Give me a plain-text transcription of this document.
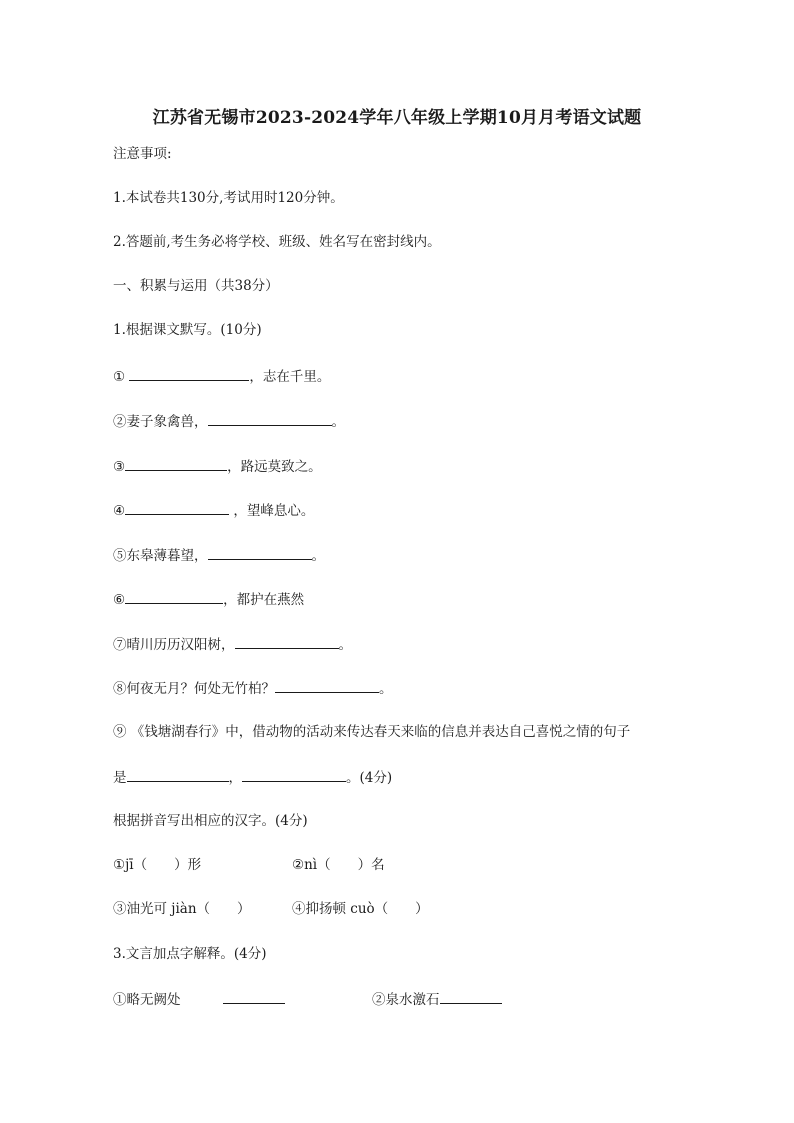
江苏省无锡市2023-2024学年八年级上学期10月月考语文试题
注意事项:
1.本试卷共130分,考试用时120分钟。
2.答题前,考生务必将学校、班级、姓名写在密封线内。
一、积累与运用（共38分）
1.根据课文默写。(10分)
①	，志在千里。
②妻子象禽兽，	。
③	，路远莫致之。
④	，望峰息心。
⑤东皋薄暮望，	。
⑥	，都护在燕然
⑦晴川历历汉阳树，	。
⑧何夜无月？何处无竹柏？	。
⑨ 《钱塘湖春行》中，借动物的活动来传达春天来临的信息并表达自己喜悦之情的句子
是	，	。(4分)
根据拼音写出相应的汉字。(4分)
①jī（　　）形	②nì（　　）名
③油光可 jiàn（　　）	④抑扬顿 cuò（　　）
3.文言加点字解释。(4分)
①略无阙处	②泉水激石
